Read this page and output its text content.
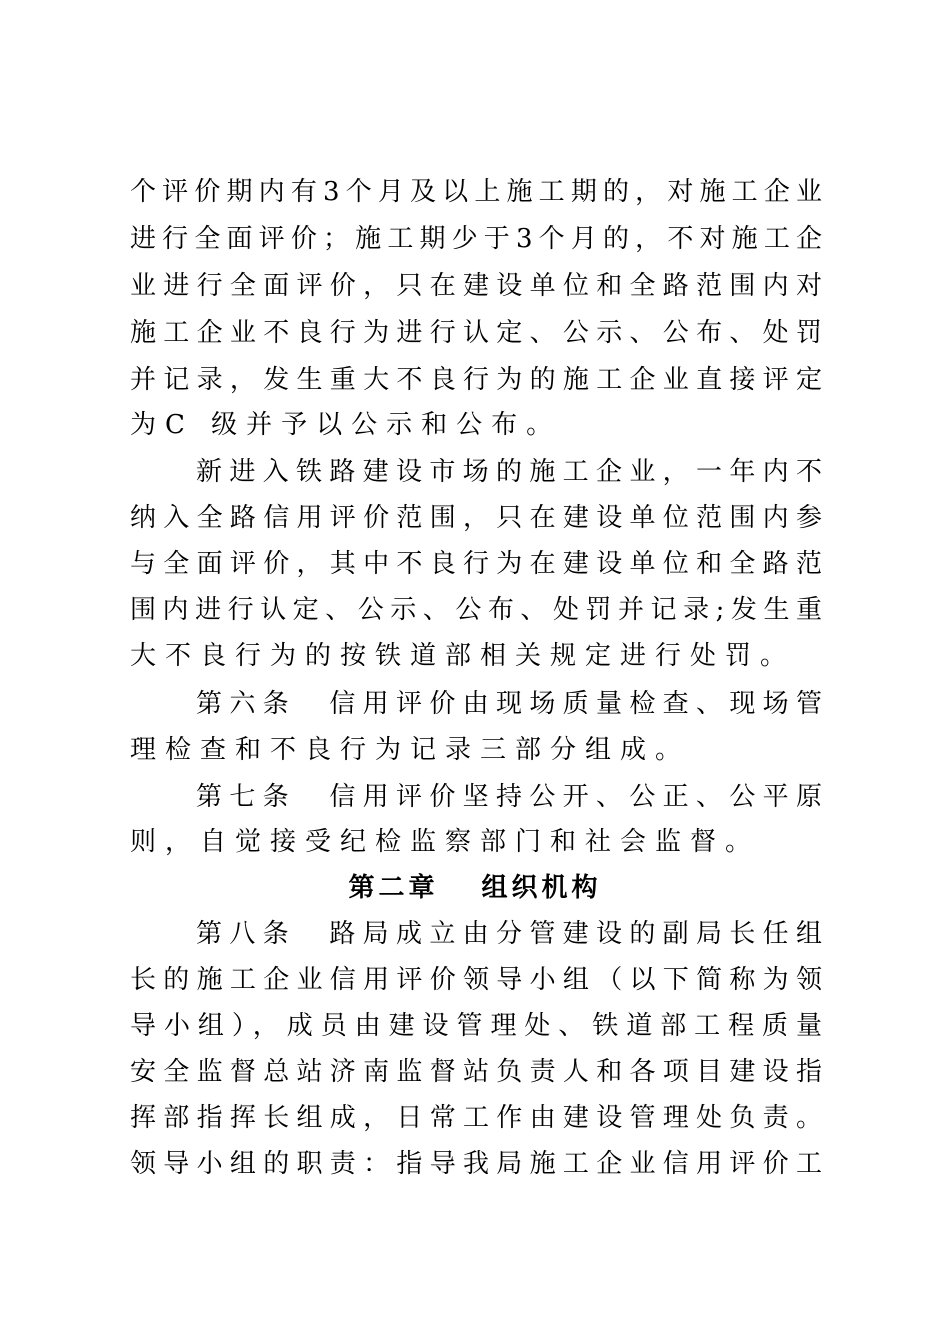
个评价期内有3个月及以上施工期的，对施工企业
进行全面评价；施工期少于3个月的，不对施工企
业进行全面评价，只在建设单位和全路范围内对
施工企业不良行为进行认定、公示、公布、处罚
并记录，发生重大不良行为的施工企业直接评定
为C 级并予以公示和公布。
新进入铁路建设市场的施工企业，一年内不
纳入全路信用评价范围，只在建设单位范围内参
与全面评价，其中不良行为在建设单位和全路范
围内进行认定、公示、公布、处罚并记录;发生重
大不良行为的按铁道部相关规定进行处罚。
第六条　信用评价由现场质量检查、现场管
理检查和不良行为记录三部分组成。
第七条　信用评价坚持公开、公正、公平原
则，自觉接受纪检监察部门和社会监督。
第二章　 组织机构
第八条　路局成立由分管建设的副局长任组
长的施工企业信用评价领导小组（以下简称为领
导小组），成员由建设管理处、铁道部工程质量
安全监督总站济南监督站负责人和各项目建设指
挥部指挥长组成，日常工作由建设管理处负责。
领导小组的职责：指导我局施工企业信用评价工
